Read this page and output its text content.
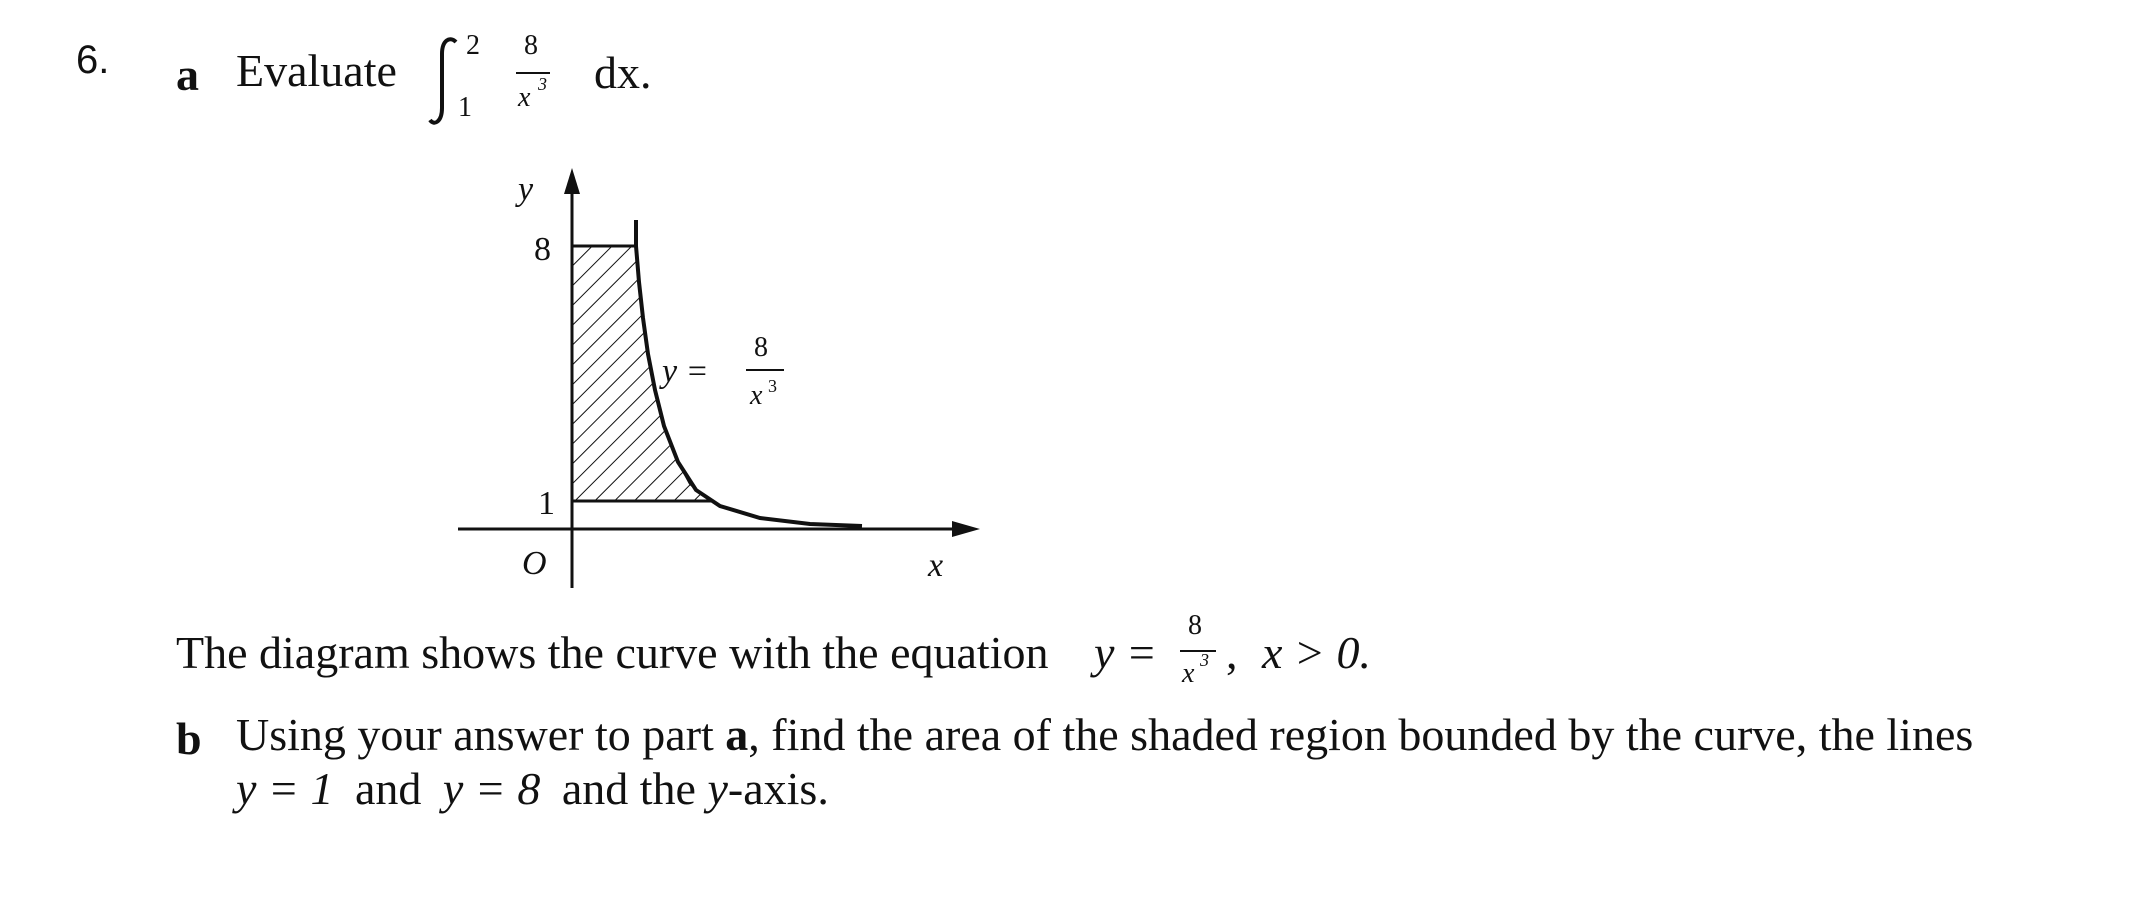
6. a Evaluate 2
1
8
x 3 dx.
y
8
1
O	x
y =
8
x 3
The diagram shows the curve with the equation y =
8
x 3 , x > 0.
b Using your answer to part a, find the area of the shaded region bounded by the curve, the lines
y = 1 and y = 8 and the y-axis.
